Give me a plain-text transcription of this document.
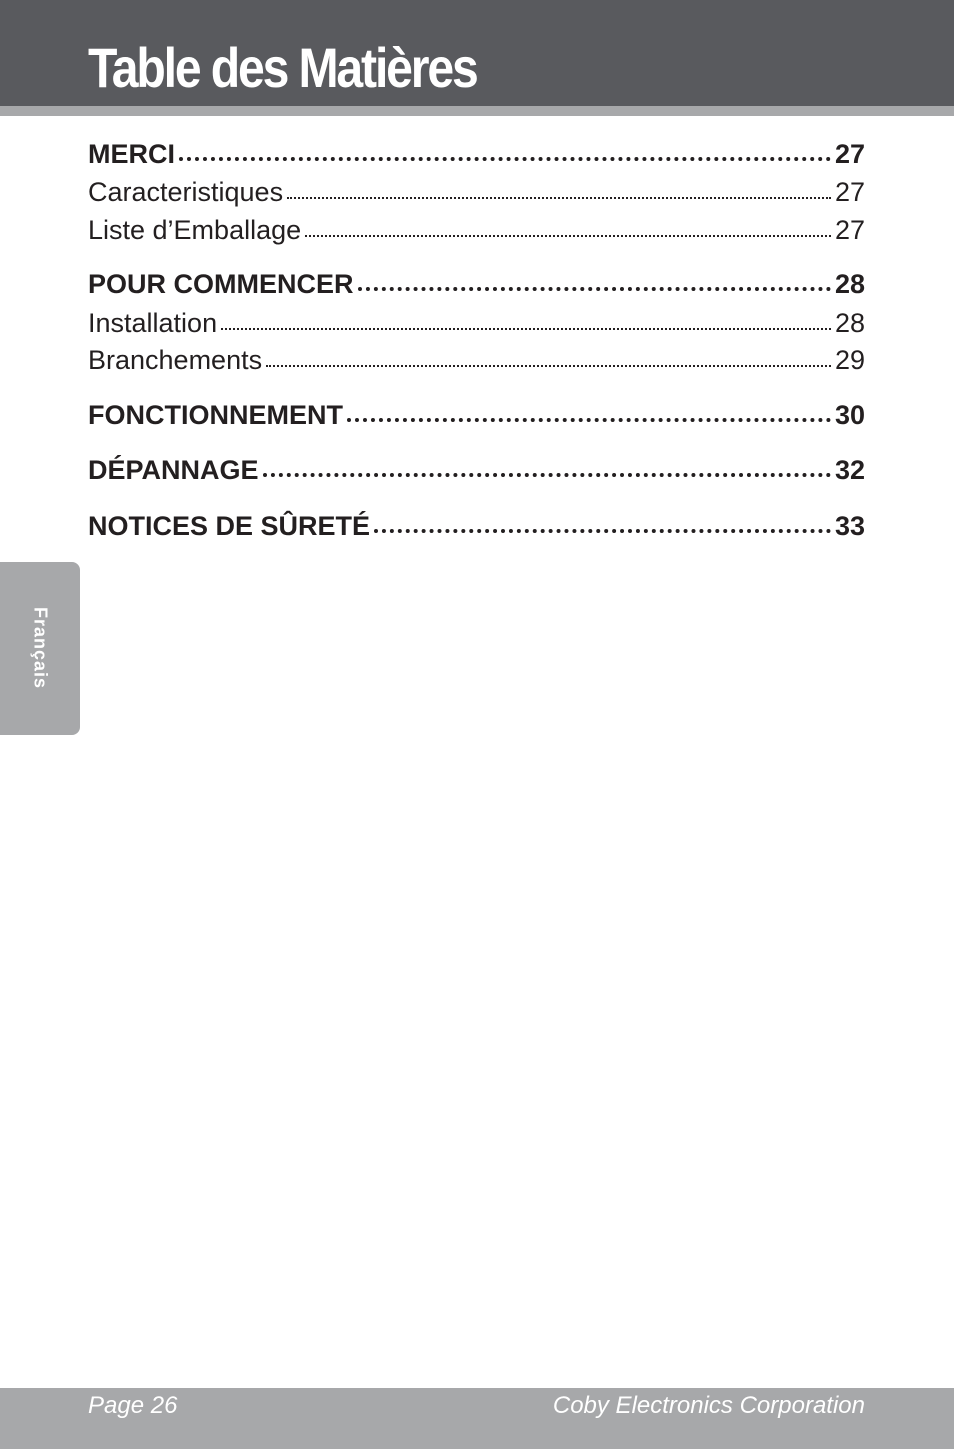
Table des Matières
MERCI	27
Caracteristiques	27
Liste d’Emballage	27
POUR COMMENCER	28
Installation	28
Branchements	29
FONCTIONNEMENT	30
DÉPANNAGE	32
NOTICES DE SÛRETÉ	33
Français
Page 26	Coby Electronics Corporation
